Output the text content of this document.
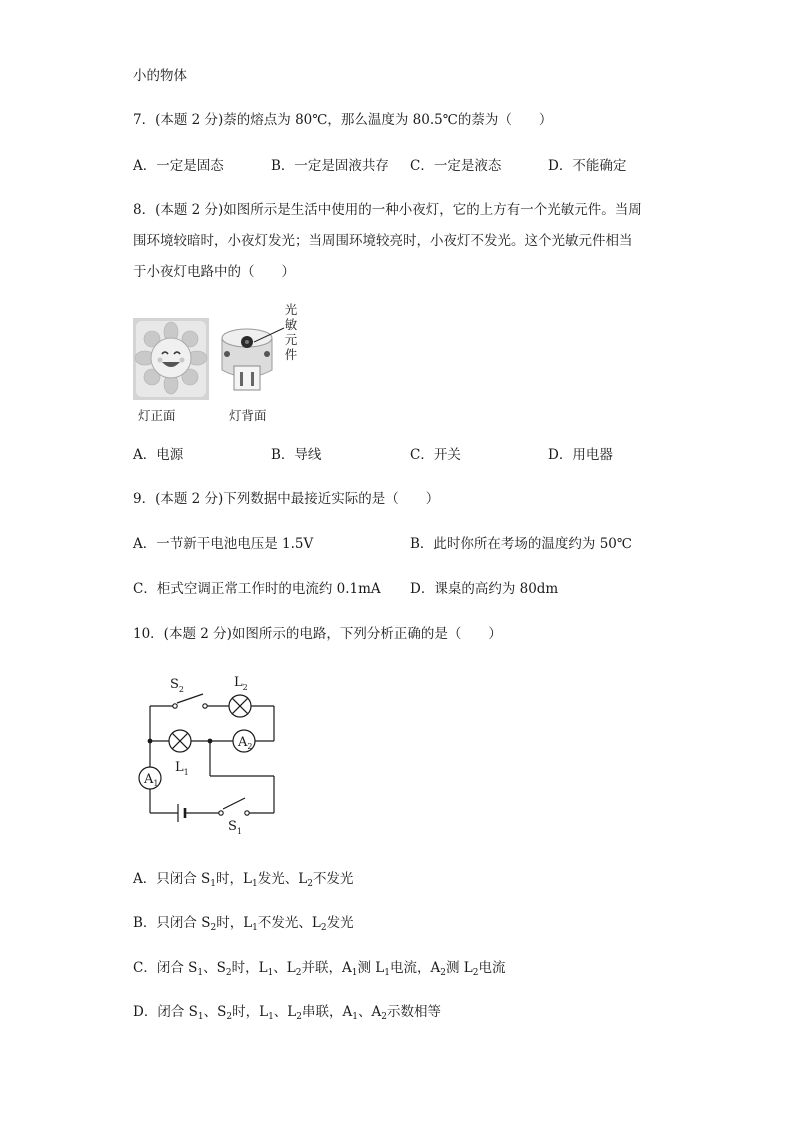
小的物体
7．(本题 2 分)萘的熔点为 80℃，那么温度为 80.5℃的萘为（　　）
A．一定是固态	B．一定是固液共存 C．一定是液态	D．不能确定
8．(本题 2 分)如图所示是生活中使用的一种小夜灯，它的上方有一个光敏元件。当周
围环境较暗时，小夜灯发光；当周围环境较亮时，小夜灯不发光。这个光敏元件相当
于小夜灯电路中的（　　）
灯正面
光
敏
元
件
灯背面
A．电源	B．导线	C．开关	D．用电器
9．(本题 2 分)下列数据中最接近实际的是（　　）
A．一节新干电池电压是 1.5V	B．此时你所在考场的温度约为 50℃
C．柜式空调正常工作时的电流约 0.1mA D．课桌的高约为 80dm
10．(本题 2 分)如图所示的电路，下列分析正确的是（　　）
$A_2$
$A_1$
$S_2$	$L_2$
$L_1$
$S_1$
A．只闭合 $S_1$时，$L_1$发光、$L_2$不发光
B．只闭合 $S_2$时，$L_1$不发光、$L_2$发光
C．闭合 $S_1$、$S_2$时，$L_1$、$L_2$并联，$A_1$测 $L_1$电流，$A_2$测 $L_2$电流
D．闭合 $S_1$、$S_2$时，$L_1$、$L_2$串联，$A_1$、$A_2$示数相等
